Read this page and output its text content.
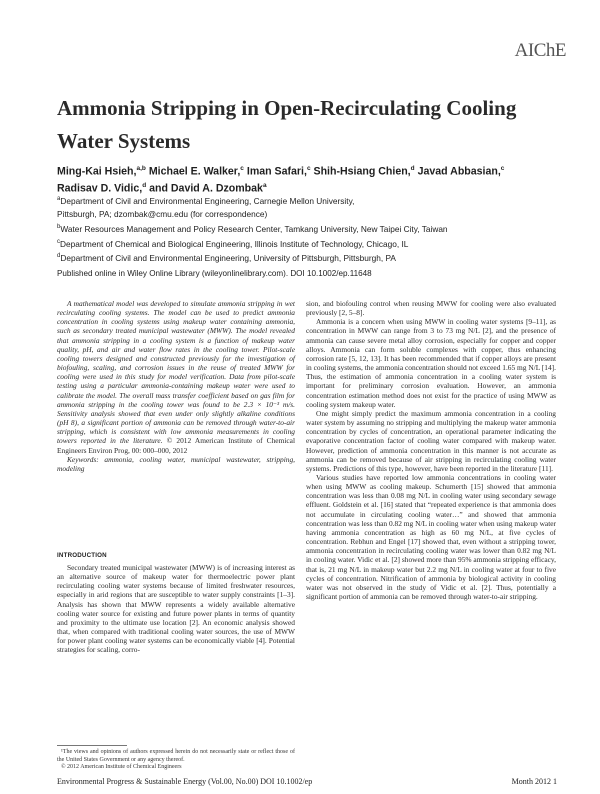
AIChE
Ammonia Stripping in Open-Recirculating Cooling Water Systems
Ming-Kai Hsieh,$^{a,b}$ Michael E. Walker,$^c$ Iman Safari,$^c$ Shih-Hsiang Chien,$^d$ Javad Abbasian,$^c$
Radisav D. Vidic,$^d$ and David A. Dzombak$^a$
$^a$Department of Civil and Environmental Engineering, Carnegie Mellon University,
Pittsburgh, PA; dzombak@cmu.edu (for correspondence)
$^b$Water Resources Management and Policy Research Center, Tamkang University, New Taipei City, Taiwan
$^c$Department of Chemical and Biological Engineering, Illinois Institute of Technology, Chicago, IL
$^d$Department of Civil and Environmental Engineering, University of Pittsburgh, Pittsburgh, PA
Published online in Wiley Online Library (wileyonlinelibrary.com). DOI 10.1002/ep.11648

A mathematical model was developed to simulate ammonia stripping in wet recirculating cooling systems. The model can be used to predict ammonia concentration in cooling systems using makeup water containing ammonia, such as secondary treated municipal wastewater (MWW). The model revealed that ammonia stripping in a cooling system is a function of makeup water quality, pH, and air and water flow rates in the cooling tower. Pilot-scale cooling towers designed and constructed previously for the investigation of biofouling, scaling, and corrosion issues in the reuse of treated MWW for cooling were used in this study for model verification. Data from pilot-scale testing using a particular ammonia-containing makeup water were used to calibrate the model. The overall mass transfer coefficient based on gas film for ammonia stripping in the cooling tower was found to be 2.3 × 10⁻³ m/s. Sensitivity analysis showed that even under only slightly alkaline conditions (pH 8), a significant portion of ammonia can be removed through water-to-air stripping, which is consistent with low ammonia measurements in cooling towers reported in the literature. © 2012 American Institute of Chemical Engineers Environ Prog, 00: 000–000, 2012

Keywords: ammonia, cooling water, municipal wastewater, stripping, modeling

INTRODUCTION

Secondary treated municipal wastewater (MWW) is of increasing interest as an alternative source of makeup water for thermoelectric power plant recirculating cooling water systems because of limited freshwater resources, especially in arid regions that are susceptible to water supply constraints [1–3]. Analysis has shown that MWW represents a widely available alternative cooling water source for existing and future power plants in terms of quantity and proximity to the ultimate use location [2]. An economic analysis showed that, when compared with traditional cooling water sources, the use of MWW for power plant cooling water systems can be economically viable [4]. Potential strategies for scaling, corro-

sion, and biofouling control when reusing MWW for cooling were also evaluated previously [2, 5–8].

Ammonia is a concern when using MWW in cooling water systems [9–11], as concentration in MWW can range from 3 to 73 mg N/L [2], and the presence of ammonia can cause severe metal alloy corrosion, especially for copper and copper alloys. Ammonia can form soluble complexes with copper, thus enhancing corrosion rate [5, 12, 13]. It has been recommended that if copper alloys are present in cooling systems, the ammonia concentration should not exceed 1.65 mg N/L [14]. Thus, the estimation of ammonia concentration in a cooling water system is important for preliminary corrosion evaluation. However, an ammonia concentration estimation method does not exist for the practice of using MWW as cooling system makeup water.

One might simply predict the maximum ammonia concentration in a cooling water system by assuming no stripping and multiplying the makeup water ammonia concentration by cycles of concentration, an operational parameter indicating the evaporative concentration factor of cooling water compared with makeup water. However, prediction of ammonia concentration in this manner is not accurate as ammonia can be removed because of air stripping in recirculating cooling water systems. Predictions of this type, however, have been reported in the literature [11].

Various studies have reported low ammonia concentrations in cooling water when using MWW as cooling makeup. Schumerth [15] showed that ammonia concentration was less than 0.08 mg N/L in cooling water using secondary sewage effluent. Goldstein et al. [16] stated that “repeated experience is that ammonia does not accumulate in circulating cooling water…” and showed that ammonia concentration was less than 0.82 mg N/L in cooling water when using makeup water having ammonia concentration as high as 60 mg N/L, at five cycles of concentration. Rebhun and Engel [17] showed that, even without a stripping tower, ammonia concentration in recirculating cooling water was lower than 0.82 mg N/L in cooling water. Vidic et al. [2] showed more than 95% ammonia stripping efficacy, that is, 21 mg N/L in makeup water but 2.2 mg N/L in cooling water at four to five cycles of concentration. Nitrification of ammonia by biological activity in cooling water was not observed in the study of Vidic et al. [2]. Thus, potentially a significant portion of ammonia can be removed through water-to-air stripping.

¹The views and opinions of authors expressed herein do not necessarily state or reflect those of the United States Government or any agency thereof.

© 2012 American Institute of Chemical Engineers

Environmental Progress & Sustainable Energy (Vol.00, No.00) DOI 10.1002/ep	Month 2012 1
